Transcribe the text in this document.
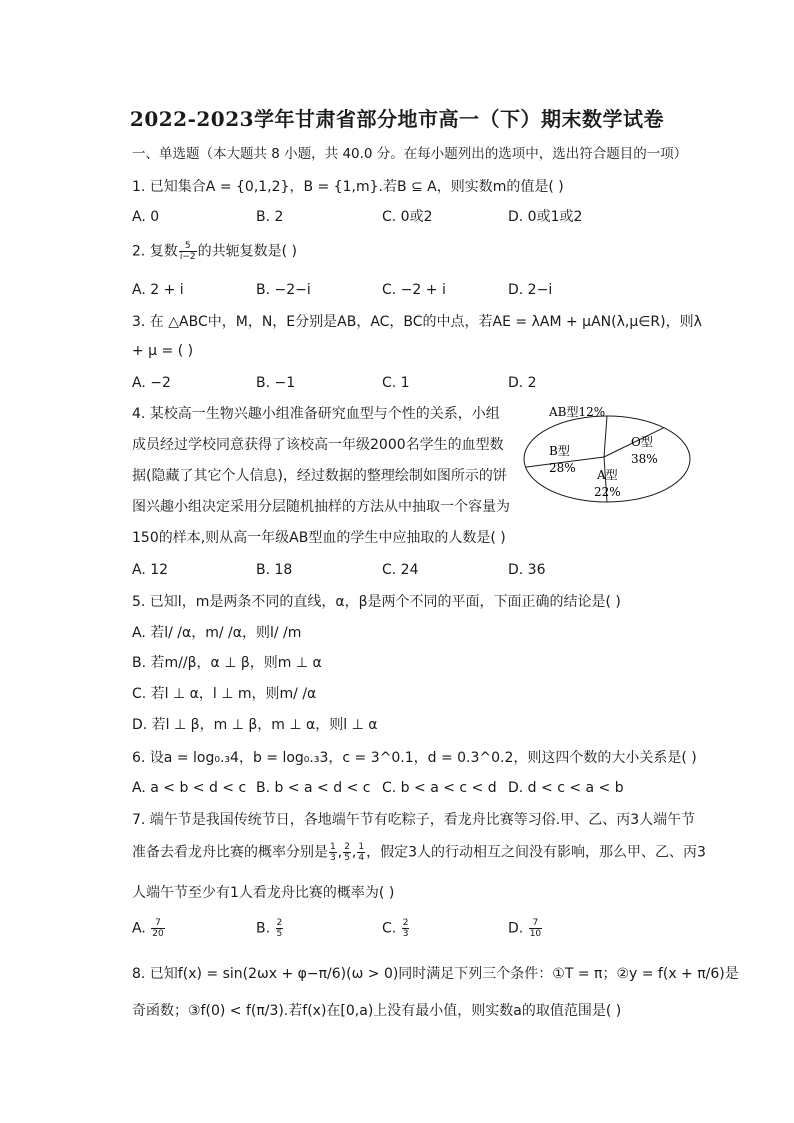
2022-2023学年甘肃省部分地市高一（下）期末数学试卷
一、单选题（本大题共 8 小题，共 40.0 分。在每小题列出的选项中，选出符合题目的一项）
1. 已知集合A = {0,1,2}，B = {1,m}.若B ⊆ A，则实数m的值是( )
A. 0	B. 2	C. 0或2	D. 0或1或2
2. 复数 $\frac{5}{i-2}$ 的共轭复数是( )
A. 2 + i	B. −2−i	C. −2 + i	D. 2−i
3. 在 △ABC中，M，N，E分别是AB，AC，BC的中点，若AE = λAM + μAN(λ,μ∈R)，则λ
+ μ = ( )
A. −2	B. −1	C. 1	D. 2
4. 某校高一生物兴趣小组准备研究血型与个性的关系，小组
成员经过学校同意获得了该校高一年级2000名学生的血型数
据(隐藏了其它个人信息)，经过数据的整理绘制如图所示的饼
图兴趣小组决定采用分层随机抽样的方法从中抽取一个容量为
150的样本,则从高一年级AB型血的学生中应抽取的人数是( )
A. 12	B. 18	C. 24	D. 36
AB型12%
O型
38%
A型
22%
B型
28%
5. 已知l，m是两条不同的直线，α，β是两个不同的平面，下面正确的结论是( )
A. 若l/ /α，m/ /α，则l/ /m
B. 若m//β，α ⊥ β，则m ⊥ α
C. 若l ⊥ α，l ⊥ m，则m/ /α
D. 若l ⊥ β，m ⊥ β，m ⊥ α，则l ⊥ α
6. 设a = log₀.₃4，b = log₀.₃3，c = 3^0.1，d = 0.3^0.2，则这四个数的大小关系是( )
A. a < b < d < c B. b < a < d < c C. b < a < c < d D. d < c < a < b
7. 端午节是我国传统节日，各地端午节有吃粽子，看龙舟比赛等习俗.甲、乙、丙3人端午节
准备去看龙舟比赛的概率分别是 $\frac{1}{3}$ , $\frac{2}{5}$ , $\frac{1}{4}$ ，假定3人的行动相互之间没有影响，那么甲、乙、丙3
人端午节至少有1人看龙舟比赛的概率为( )
A. $\frac{7}{20}$	B. $\frac{2}{5}$	C. $\frac{2}{3}$	D. $\frac{7}{10}$
8. 已知f(x) = sin(2ωx + φ−π/6)(ω > 0)同时满足下列三个条件：①T = π；②y = f(x + π/6)是
奇函数；③f(0) < f(π/3).若f(x)在[0,a)上没有最小值，则实数a的取值范围是( )
